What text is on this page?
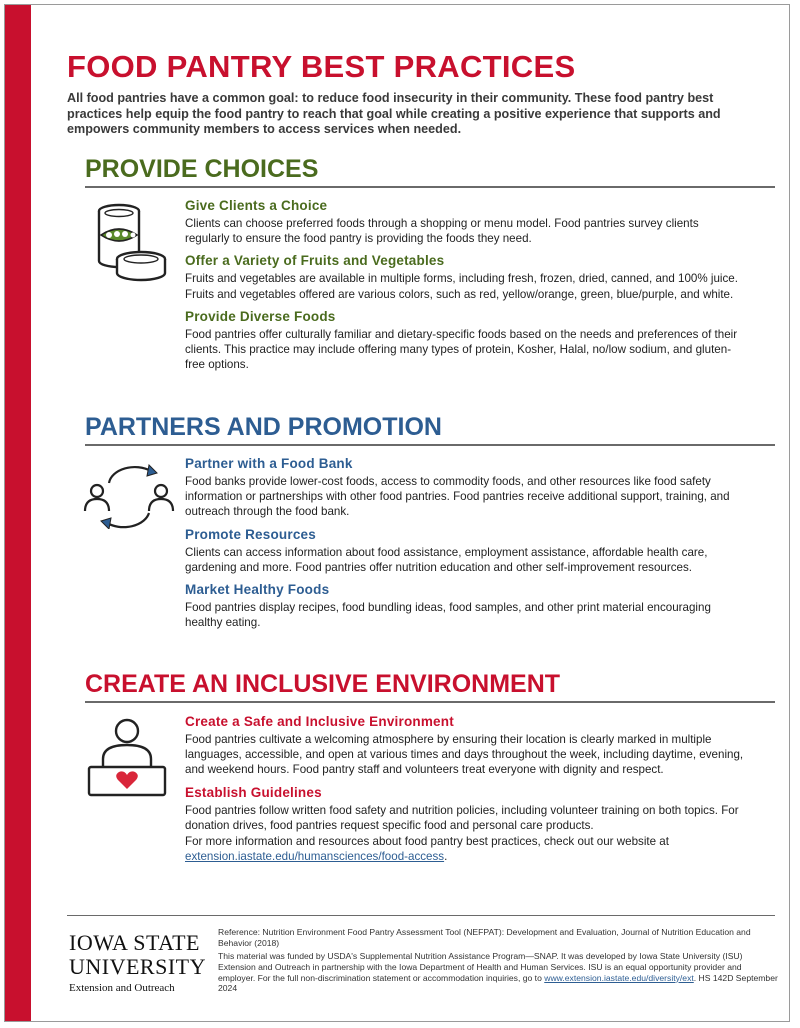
FOOD PANTRY BEST PRACTICES

All food pantries have a common goal: to reduce food insecurity in their community. These food pantry best practices help equip the food pantry to reach that goal while creating a positive experience that supports and empowers community members to access services when needed.

PROVIDE CHOICES

Give Clients a Choice

Clients can choose preferred foods through a shopping or menu model. Food pantries survey clients regularly to ensure the food pantry is providing the foods they need.

Offer a Variety of Fruits and Vegetables

Fruits and vegetables are available in multiple forms, including fresh, frozen, dried, canned, and 100% juice. Fruits and vegetables offered are various colors, such as red, yellow/orange, green, blue/purple, and white.

Provide Diverse Foods

Food pantries offer culturally familiar and dietary-specific foods based on the needs and preferences of their clients. This practice may include offering many types of protein, Kosher, Halal, no/low sodium, and gluten-free options.

PARTNERS AND PROMOTION

Partner with a Food Bank

Food banks provide lower-cost foods, access to commodity foods, and other resources like food safety information or partnerships with other food pantries. Food pantries receive additional support, training, and outreach through the food bank.

Promote Resources

Clients can access information about food assistance, employment assistance, affordable health care, gardening and more. Food pantries offer nutrition education and other self-improvement resources.

Market Healthy Foods

Food pantries display recipes, food bundling ideas, food samples, and other print material encouraging healthy eating.

CREATE AN INCLUSIVE ENVIRONMENT

Create a Safe and Inclusive Environment

Food pantries cultivate a welcoming atmosphere by ensuring their location is clearly marked in multiple languages, accessible, and open at various times and days throughout the week, including daytime, evening, and weekend hours. Food pantry staff and volunteers treat everyone with dignity and respect.

Establish Guidelines

Food pantries follow written food safety and nutrition policies, including volunteer training on both topics. For donation drives, food pantries request specific food and personal care products.

For more information and resources about food pantry best practices, check out our website at
extension.iastate.edu/humansciences/food-access.

IOWA STATE
UNIVERSITY
Extension and Outreach

Reference: Nutrition Environment Food Pantry Assessment Tool (NEFPAT): Development and Evaluation, Journal of Nutrition Education and Behavior (2018)

This material was funded by USDA's Supplemental Nutrition Assistance Program—SNAP. It was developed by Iowa State University (ISU) Extension and Outreach in partnership with the Iowa Department of Health and Human Services. ISU is an equal opportunity provider and employer. For the full non-discrimination statement or accommodation inquiries, go to www.extension.iastate.edu/diversity/ext. HS 142D September 2024
